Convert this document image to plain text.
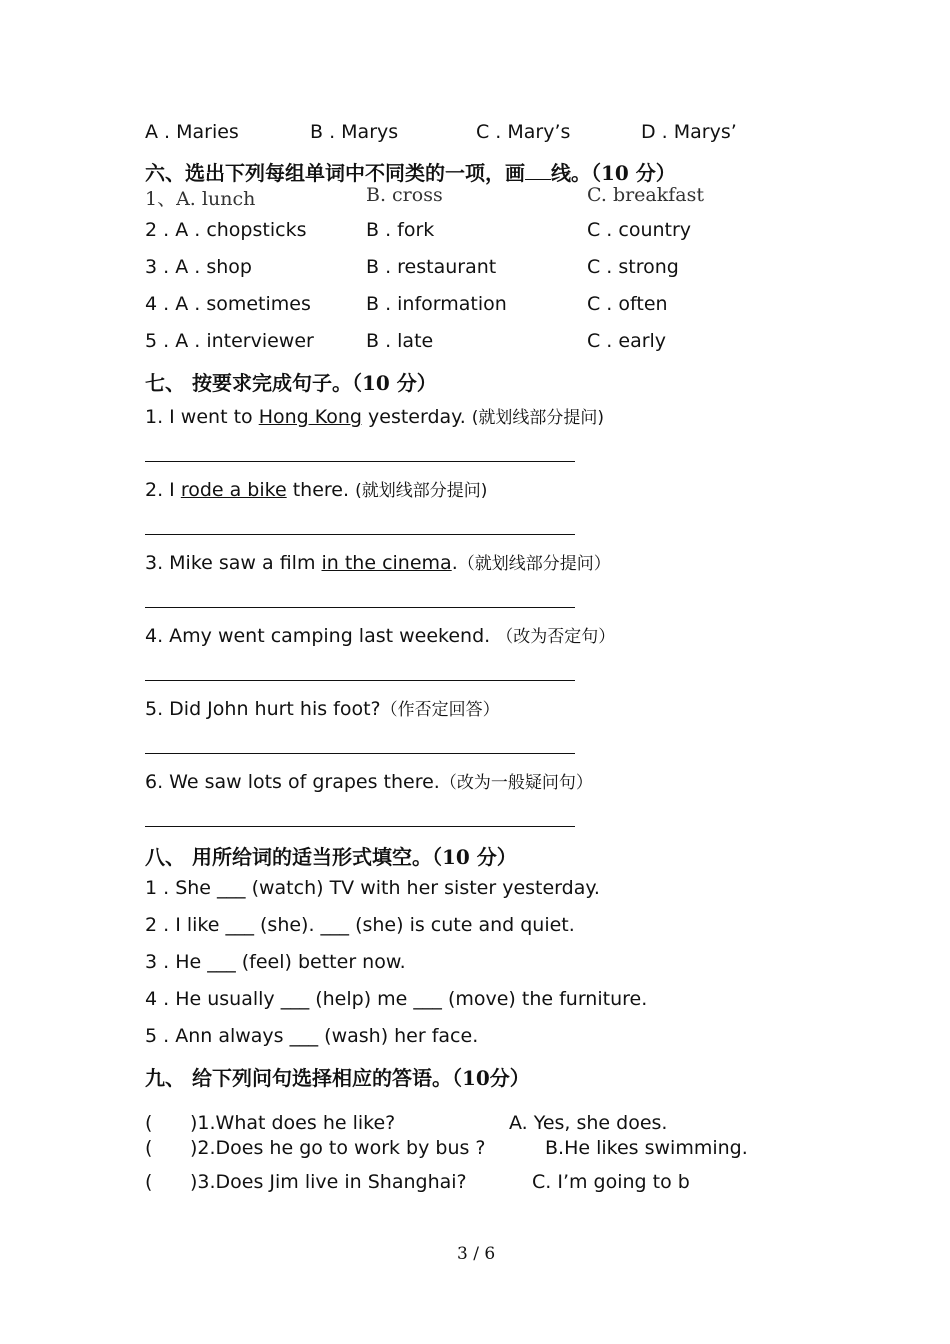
A . Maries	B . Marys	C . Mary’s	D . Marys’
六、选出下列每组单词中不同类的一项，画 线。（10 分）
1、A. lunch	B. cross	C. breakfast
2 . A . chopsticks	B . fork	C . country
3 . A . shop	B . restaurant	C . strong
4 . A . sometimes	B . information	C . often
5 . A . interviewer	B . late	C . early
七、 按要求完成句子。（10 分）
1. I went to Hong Kong yesterday. (就划线部分提问)
2. I rode a bike there. (就划线部分提问)
3. Mike saw a film in the cinema.（就划线部分提问）
4. Amy went camping last weekend. （改为否定句）
5. Did John hurt his foot?（作否定回答）
6. We saw lots of grapes there.（改为一般疑问句）
八、 用所给词的适当形式填空。（10 分）
1 . She ___ (watch) TV with her sister yesterday.
2 . I like ___ (she). ___ (she) is cute and quiet.
3 . He ___ (feel) better now.
4 . He usually ___ (help) me ___ (move) the furniture.
5 . Ann always ___ (wash) her face.
九、 给下列问句选择相应的答语。（10分）
( )1.What does he like?	A. Yes, she does.
( )2.Does he go to work by bus ?	B.He likes swimming.
( )3.Does Jim live in Shanghai?	C. I’m going to b
3 / 6
